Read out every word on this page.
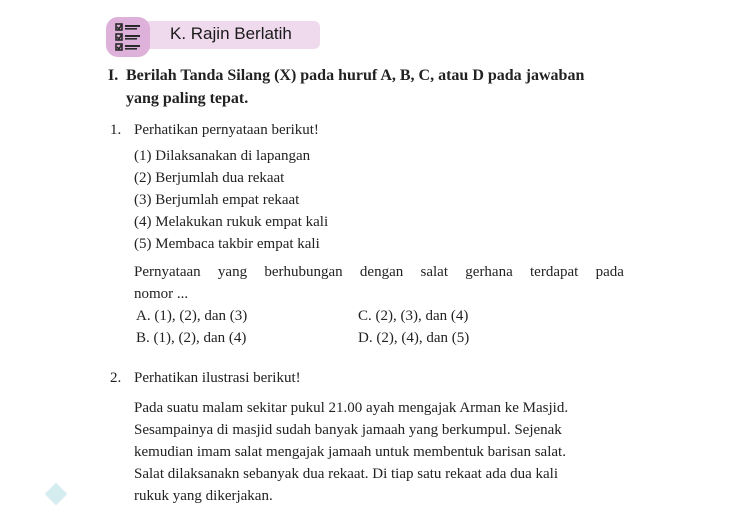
K. Rajin Berlatih
I. Berilah Tanda Silang (X) pada huruf A, B, C, atau D pada jawaban
yang paling tepat.
1. Perhatikan pernyataan berikut!
(1) Dilaksanakan di lapangan
(2) Berjumlah dua rekaat
(3) Berjumlah empat rekaat
(4) Melakukan rukuk empat kali
(5) Membaca takbir empat kali
Pernyataan yang berhubungan dengan salat gerhana terdapat pada
nomor ...
A. (1), (2), dan (3)	C. (2), (3), dan (4)
B. (1), (2), dan (4)	D. (2), (4), dan (5)
2. Perhatikan ilustrasi berikut!
Pada suatu malam sekitar pukul 21.00 ayah mengajak Arman ke Masjid.
Sesampainya di masjid sudah banyak jamaah yang berkumpul. Sejenak
kemudian imam salat mengajak jamaah untuk membentuk barisan salat.
Salat dilaksanakn sebanyak dua rekaat. Di tiap satu rekaat ada dua kali
rukuk yang dikerjakan.
